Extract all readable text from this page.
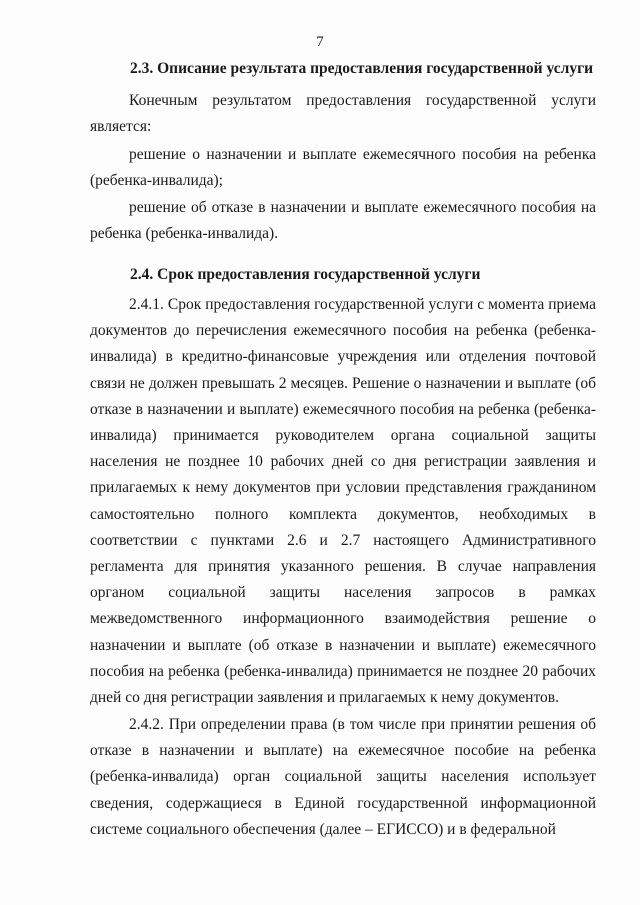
7
2.3. Описание результата предоставления государственной услуги

Конечным результатом предоставления государственной услуги является:

решение о назначении и выплате ежемесячного пособия на ребенка (ребенка-инвалида);

решение об отказе в назначении и выплате ежемесячного пособия на ребенка (ребенка-инвалида).

2.4. Срок предоставления государственной услуги

2.4.1. Срок предоставления государственной услуги с момента приема документов до перечисления ежемесячного пособия на ребенка (ребенка-инвалида) в кредитно-финансовые учреждения или отделения почтовой связи не должен превышать 2 месяцев. Решение о назначении и выплате (об отказе в назначении и выплате) ежемесячного пособия на ребенка (ребенка-инвалида) принимается руководителем органа социальной защиты населения не позднее 10 рабочих дней со дня регистрации заявления и прилагаемых к нему документов при условии представления гражданином самостоятельно полного комплекта документов, необходимых в соответствии с пунктами 2.6 и 2.7 настоящего Административного регламента для принятия указанного решения. В случае направления органом социальной защиты населения запросов в рамках межведомственного информационного взаимодействия решение о назначении и выплате (об отказе в назначении и выплате) ежемесячного пособия на ребенка (ребенка-инвалида) принимается не позднее 20 рабочих дней со дня регистрации заявления и прилагаемых к нему документов.

2.4.2. При определении права (в том числе при принятии решения об отказе в назначении и выплате) на ежемесячное пособие на ребенка (ребенка-инвалида) орган социальной защиты населения использует сведения, содержащиеся в Единой государственной информационной системе социального обеспечения (далее – ЕГИССО) и в федеральной
